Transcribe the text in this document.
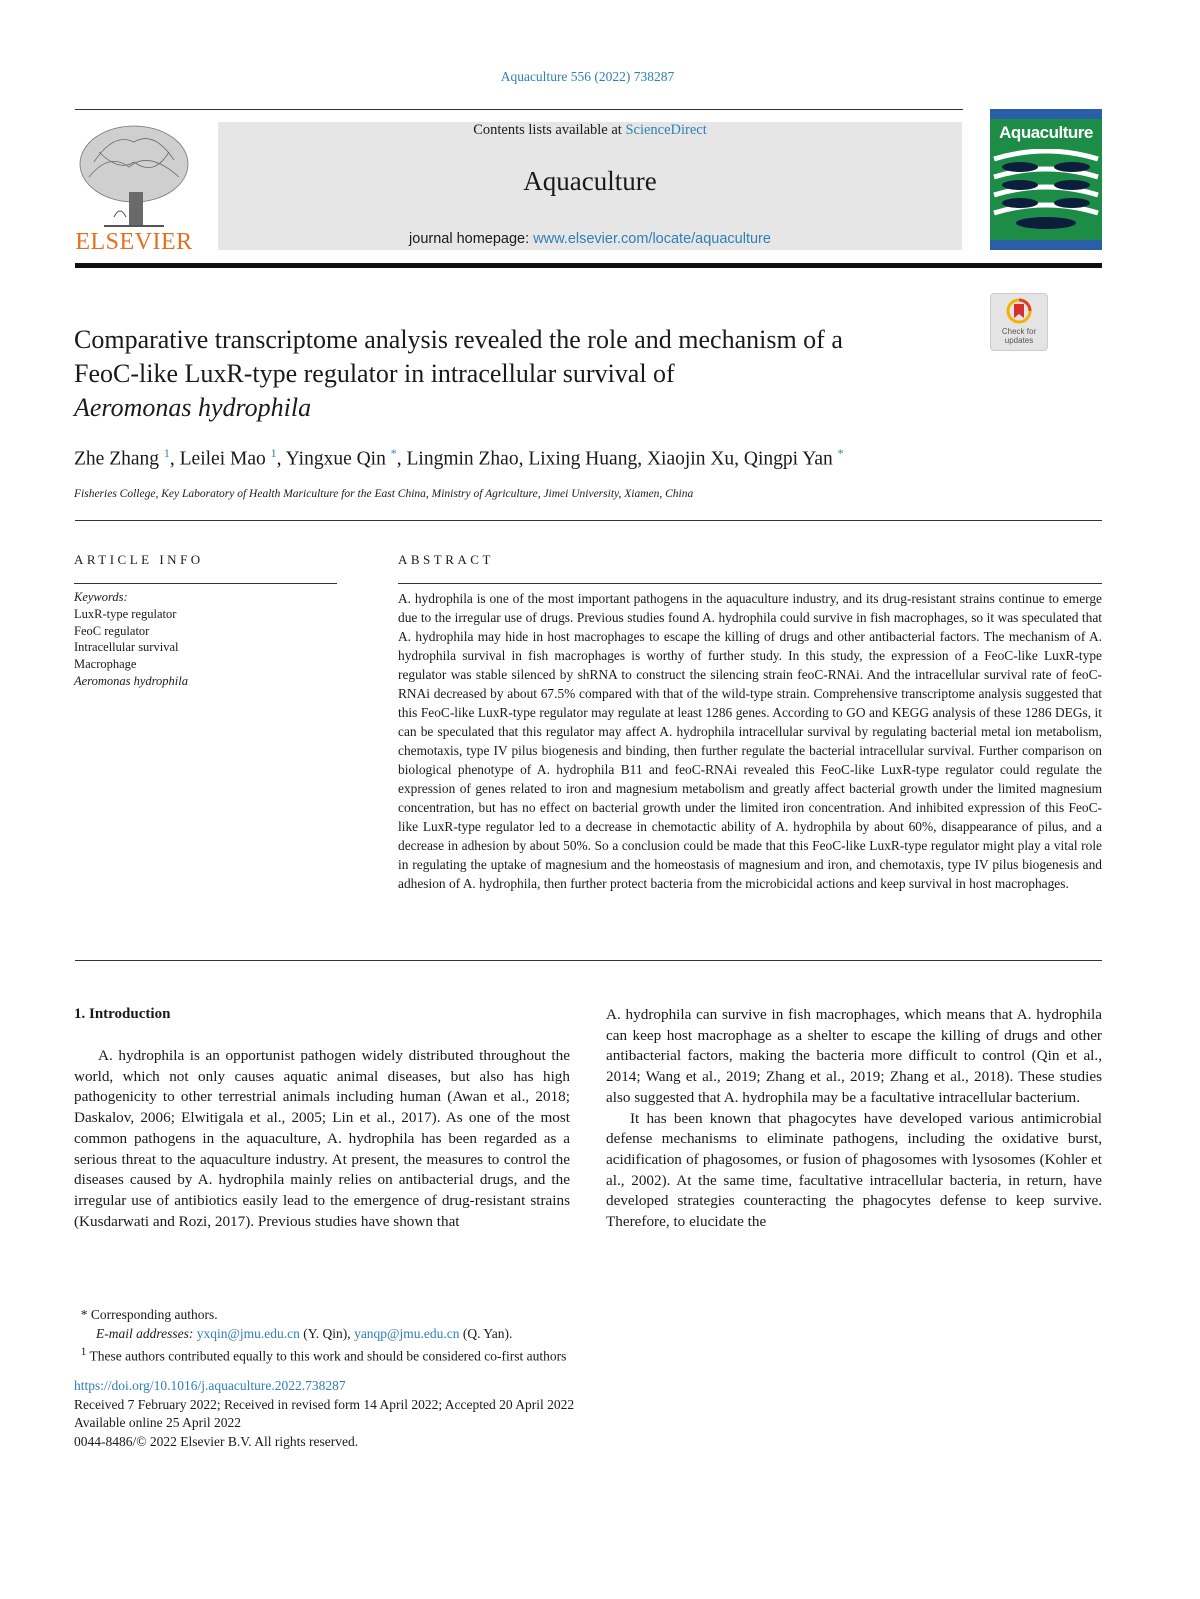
Aquaculture 556 (2022) 738287
ELSEVIER
Contents lists available at ScienceDirect
Aquaculture
journal homepage: www.elsevier.com/locate/aquaculture
Aquaculture
Check for updates
Comparative transcriptome analysis revealed the role and mechanism of a
FeoC-like LuxR-type regulator in intracellular survival of
Aeromonas hydrophila
Zhe Zhang $^1$, Leilei Mao $^1$, Yingxue Qin *, Lingmin Zhao, Lixing Huang, Xiaojin Xu, Qingpi Yan *
Fisheries College, Key Laboratory of Health Mariculture for the East China, Ministry of Agriculture, Jimei University, Xiamen, China
ARTICLE INFO
Keywords:
LuxR-type regulator
FeoC regulator
Intracellular survival
Macrophage
Aeromonas hydrophila
ABSTRACT
A. hydrophila is one of the most important pathogens in the aquaculture industry, and its drug-resistant strains continue to emerge due to the irregular use of drugs. Previous studies found A. hydrophila could survive in fish macrophages, so it was speculated that A. hydrophila may hide in host macrophages to escape the killing of drugs and other antibacterial factors. The mechanism of A. hydrophila survival in fish macrophages is worthy of further study. In this study, the expression of a FeoC-like LuxR-type regulator was stable silenced by shRNA to construct the silencing strain feoC-RNAi. And the intracellular survival rate of feoC-RNAi decreased by about 67.5% compared with that of the wild-type strain. Comprehensive transcriptome analysis suggested that this FeoC-like LuxR-type regulator may regulate at least 1286 genes. According to GO and KEGG analysis of these 1286 DEGs, it can be speculated that this regulator may affect A. hydrophila intracellular survival by regulating bacterial metal ion metabolism, chemotaxis, type IV pilus biogenesis and binding, then further regulate the bacterial intracellular survival. Further comparison on biological phenotype of A. hydrophila B11 and feoC-RNAi revealed this FeoC-like LuxR-type regulator could regulate the expression of genes related to iron and magnesium metabolism and greatly affect bacterial growth under the limited magnesium concentration, but has no effect on bacterial growth under the limited iron concentration. And inhibited expression of this FeoC-like LuxR-type regulator led to a decrease in chemotactic ability of A. hydrophila by about 60%, disappearance of pilus, and a decrease in adhesion by about 50%. So a conclusion could be made that this FeoC-like LuxR-type regulator might play a vital role in regulating the uptake of magnesium and the homeostasis of magnesium and iron, and chemotaxis, type IV pilus biogenesis and adhesion of A. hydrophila, then further protect bacteria from the microbicidal actions and keep survival in host macrophages.
1. Introduction

A. hydrophila is an opportunist pathogen widely distributed throughout the world, which not only causes aquatic animal diseases, but also has high pathogenicity to other terrestrial animals including human (Awan et al., 2018; Daskalov, 2006; Elwitigala et al., 2005; Lin et al., 2017). As one of the most common pathogens in the aquaculture, A. hydrophila has been regarded as a serious threat to the aquaculture industry. At present, the measures to control the diseases caused by A. hydrophila mainly relies on antibacterial drugs, and the irregular use of antibiotics easily lead to the emergence of drug-resistant strains (Kusdarwati and Rozi, 2017). Previous studies have shown that

A. hydrophila can survive in fish macrophages, which means that A. hydrophila can keep host macrophage as a shelter to escape the killing of drugs and other antibacterial factors, making the bacteria more difficult to control (Qin et al., 2014; Wang et al., 2019; Zhang et al., 2019; Zhang et al., 2018). These studies also suggested that A. hydrophila may be a facultative intracellular bacterium.

It has been known that phagocytes have developed various antimicrobial defense mechanisms to eliminate pathogens, including the oxidative burst, acidification of phagosomes, or fusion of phagosomes with lysosomes (Kohler et al., 2002). At the same time, facultative intracellular bacteria, in return, have developed strategies counteracting the phagocytes defense to keep survive. Therefore, to elucidate the

* Corresponding authors.
E-mail addresses: yxqin@jmu.edu.cn (Y. Qin), yanqp@jmu.edu.cn (Q. Yan).
$^1$ These authors contributed equally to this work and should be considered co-first authors
https://doi.org/10.1016/j.aquaculture.2022.738287
Received 7 February 2022; Received in revised form 14 April 2022; Accepted 20 April 2022
Available online 25 April 2022
0044-8486/© 2022 Elsevier B.V. All rights reserved.
